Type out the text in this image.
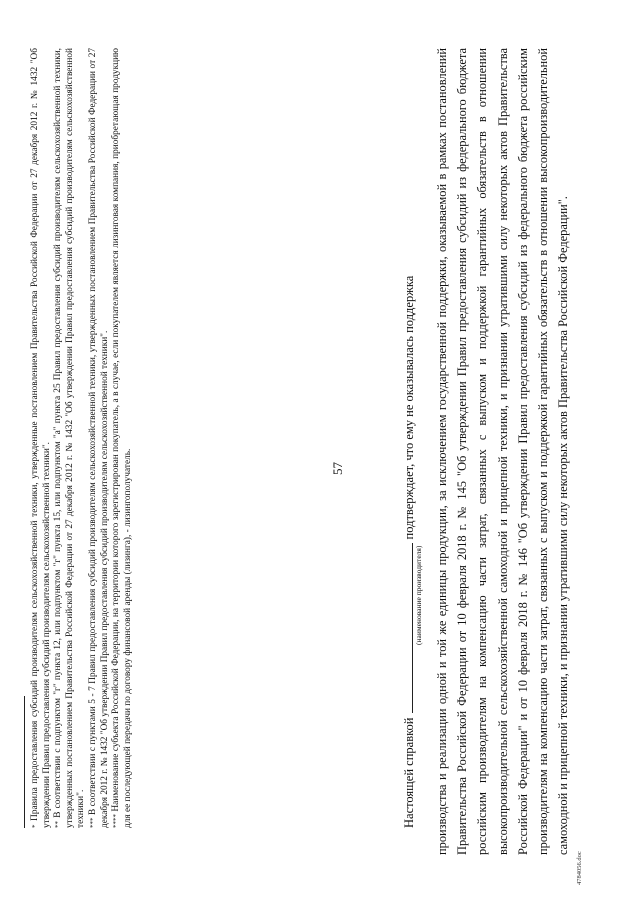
* Правила предоставления субсидий производителям сельскохозяйственной техники, утвержденные постановлением Правительства Российской Федерации от 27 декабря 2012 г. № 1432 "Об утверждении Правил предоставления субсидий производителям сельскохозяйственной техники". ** В соответствии с подпунктом "г" пункта 12, или подпунктом "г" пункта 15, или подпунктом "а" пункта 25 Правил предоставления субсидий производителям сельскохозяйственной техники, утвержденных постановлением Правительства Российской Федерации от 27 декабря 2012 г. № 1432 "Об утверждении Правил предоставления субсидий производителям сельскохозяйственной техники". *** В соответствии с пунктами 5 - 7 Правил предоставления субсидий производителям сельскохозяйственной техники, утвержденных постановлением Правительства Российской Федерации от 27 декабря 2012 г. № 1432 "Об утверждении Правил предоставления субсидий производителям сельскохозяйственной техники". **** Наименование субъекта Российской Федерации, на территории которого зарегистрирован покупатель, а в случае, если покупателем является лизинговая компания, приобретающая продукцию для ее последующей передачи по договору финансовой аренды (лизинга), - лизингополучатель.	57
Настоящей справкойподтверждает, что ему не оказывалась поддержка
(наименование производителя) производства и реализации одной и той же единицы продукции, за исключением государственной поддержки, оказываемой в рамках постановлений Правительства Российской Федерации от 10 февраля 2018 г. № 145 "Об утверждении Правил предоставления субсидий из федерального бюджета российским производителям на компенсацию части затрат, связанных с выпуском и поддержкой гарантийных обязательств в отношении высокопроизводительной сельскохозяйственной самоходной и прицепной техники, и признании утратившими силу некоторых актов Правительства Российской Федерации" и от 10 февраля 2018 г. № 146 "Об утверждении Правил предоставления субсидий из федерального бюджета российским производителям на компенсацию части затрат, связанных с выпуском и поддержкой гарантийных обязательств в отношении высокопроизводительной самоходной и прицепной техники, и признании утратившими силу некоторых актов Правительства Российской Федерации".

4784056.doc
